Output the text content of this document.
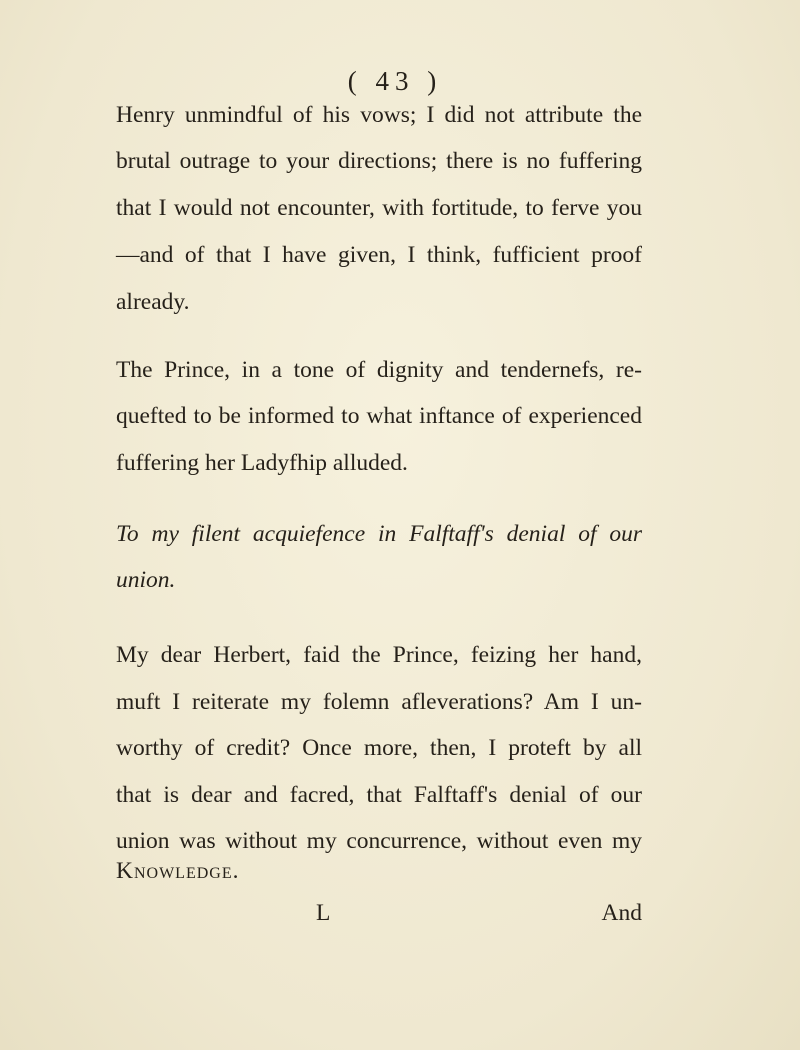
( 43 )
Henry unmindful of his vows; I did not attribute the
brutal outrage to your directions; there is no fuffering
that I would not encounter, with fortitude, to ferve you
—and of that I have given, I think, fufficient proof
already.
The Prince, in a tone of dignity and tendernefs, re-
quefted to be informed to what inftance of experienced
fuffering her Ladyfhip alluded.
To my filent acquiefence in Falftaff's denial of our
union.
My dear Herbert, faid the Prince, feizing her hand,
muft I reiterate my folemn afleverations? Am I un-
worthy of credit? Once more, then, I proteft by all
that is dear and facred, that Falftaff's denial of our
union was without my concurrence, without even my
Knowledge.
L	And
